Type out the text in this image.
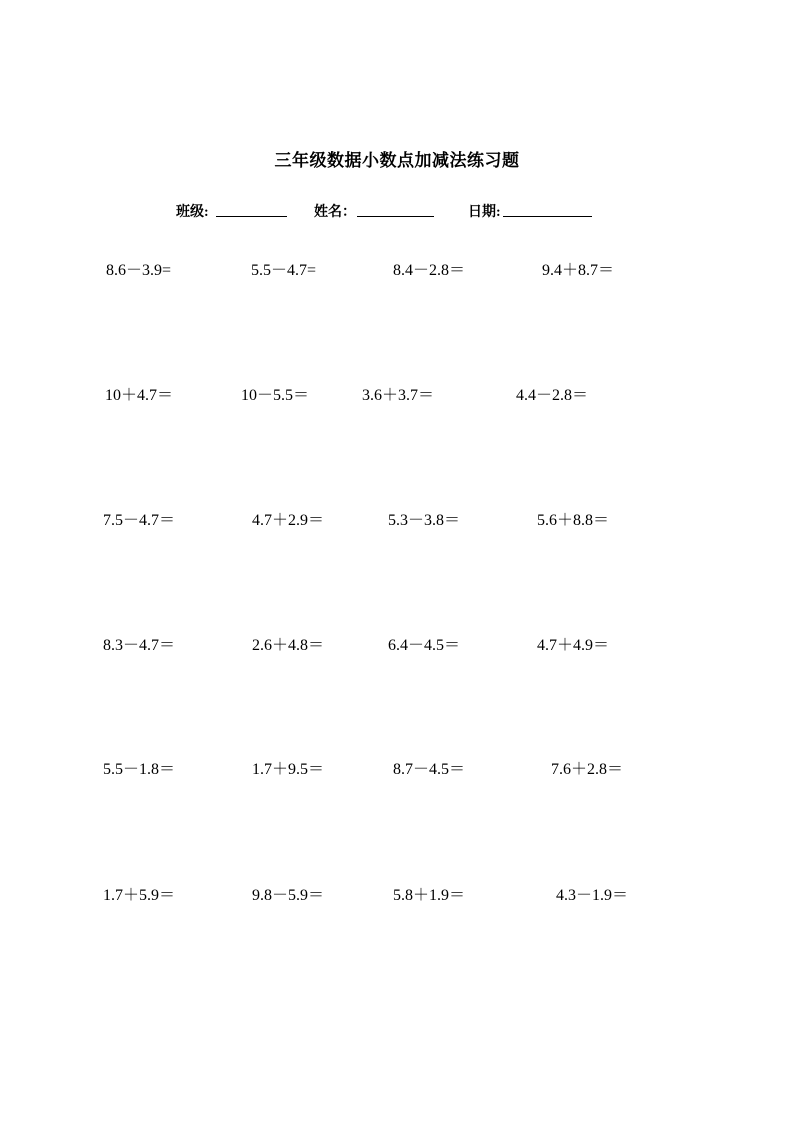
三年级数据小数点加减法练习题
班级:	姓名：	日期:
8.6－3.9=	5.5－4.7=	8.4－2.8＝	9.4＋8.7＝
10＋4.7＝	10－5.5＝	3.6＋3.7＝	4.4－2.8＝
7.5－4.7＝	4.7＋2.9＝	5.3－3.8＝	5.6＋8.8＝
8.3－4.7＝	2.6＋4.8＝	6.4－4.5＝	4.7＋4.9＝
5.5－1.8＝	1.7＋9.5＝	8.7－4.5＝	7.6＋2.8＝
1.7＋5.9＝	9.8－5.9＝	5.8＋1.9＝	4.3－1.9＝
